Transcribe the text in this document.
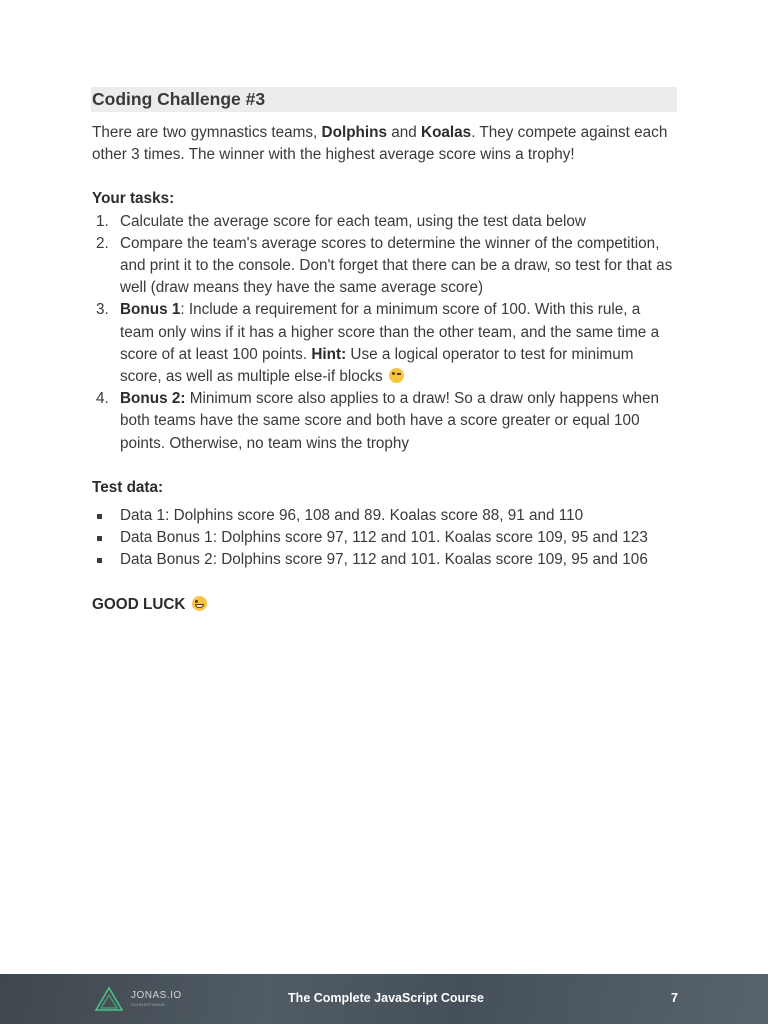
Coding Challenge #3
There are two gymnastics teams, Dolphins and Koalas. They compete against each other 3 times. The winner with the highest average score wins a trophy!
Your tasks:
1. Calculate the average score for each team, using the test data below
2. Compare the team's average scores to determine the winner of the competition, and print it to the console. Don't forget that there can be a draw, so test for that as well (draw means they have the same average score)
3. Bonus 1: Include a requirement for a minimum score of 100. With this rule, a team only wins if it has a higher score than the other team, and the same time a score of at least 100 points. Hint: Use a logical operator to test for minimum score, as well as multiple else-if blocks
4. Bonus 2: Minimum score also applies to a draw! So a draw only happens when both teams have the same score and both have a score greater or equal 100 points. Otherwise, no team wins the trophy
Test data:
Data 1: Dolphins score 96, 108 and 89. Koalas score 88, 91 and 110
Data Bonus 1: Dolphins score 97, 112 and 101. Koalas score 109, 95 and 123
Data Bonus 2: Dolphins score 97, 112 and 101. Koalas score 109, 95 and 106
GOOD LUCK
JONAS.IO
SCHMEDTMANN	The Complete JavaScript Course	7
